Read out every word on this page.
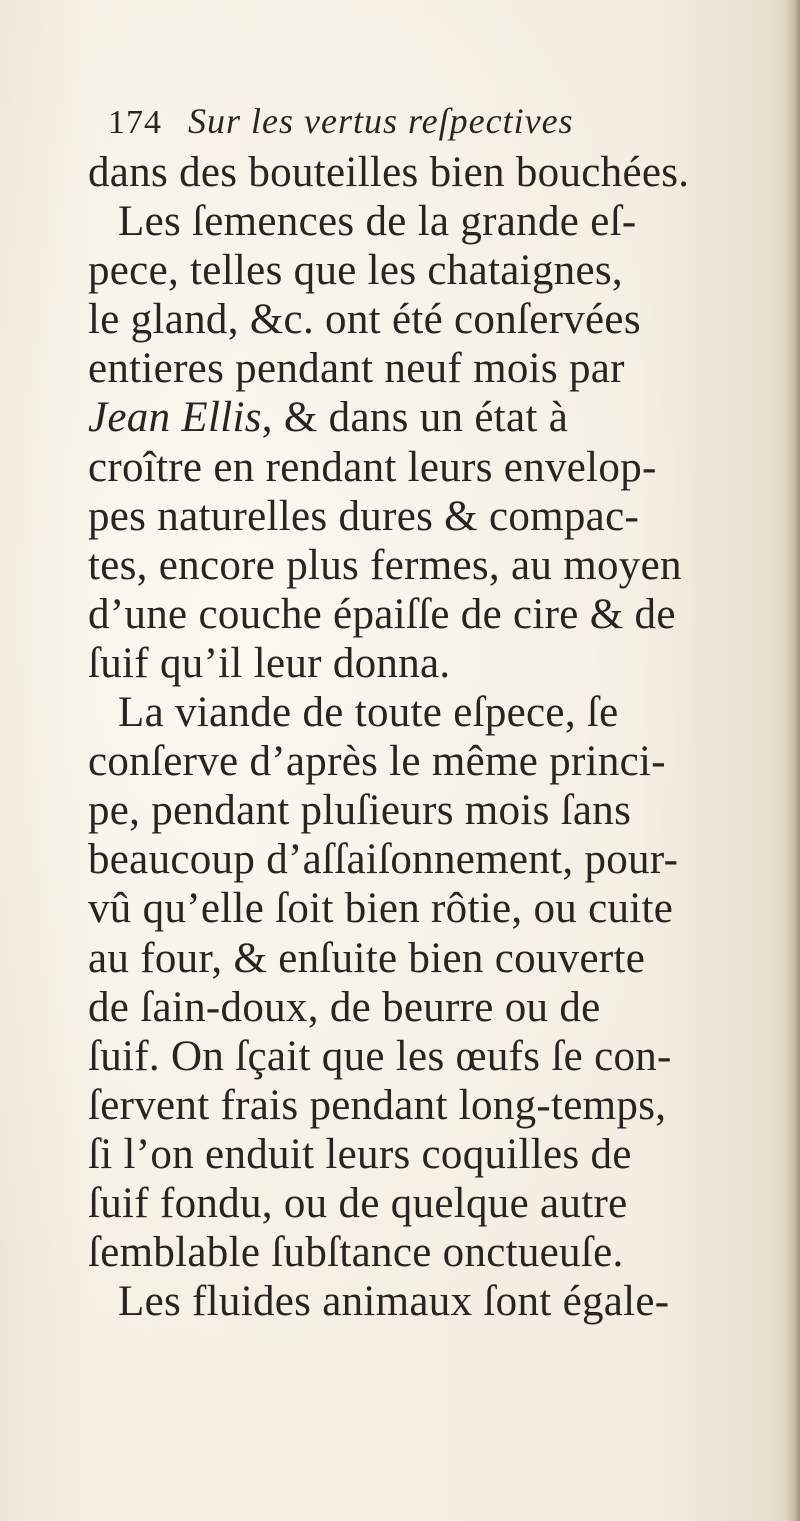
174 Sur les vertus reſpectives
dans des bouteilles bien bouchées.
Les ſemences de la grande eſ-
pece, telles que les chataignes,
le gland, &c. ont été conſervées
entieres pendant neuf mois par
Jean Ellis, & dans un état à
croître en rendant leurs envelop-
pes naturelles dures & compac-
tes, encore plus fermes, au moyen
d’une couche épaiſſe de cire & de
ſuif qu’il leur donna.
La viande de toute eſpece, ſe
conſerve d’après le même princi-
pe, pendant pluſieurs mois ſans
beaucoup d’aſſaiſonnement, pour-
vû qu’elle ſoit bien rôtie, ou cuite
au four, & enſuite bien couverte
de ſain-doux, de beurre ou de
ſuif. On ſçait que les œufs ſe con-
ſervent frais pendant long-temps,
ſi l’on enduit leurs coquilles de
ſuif fondu, ou de quelque autre
ſemblable ſubſtance onctueuſe.
Les fluides animaux ſont égale-
